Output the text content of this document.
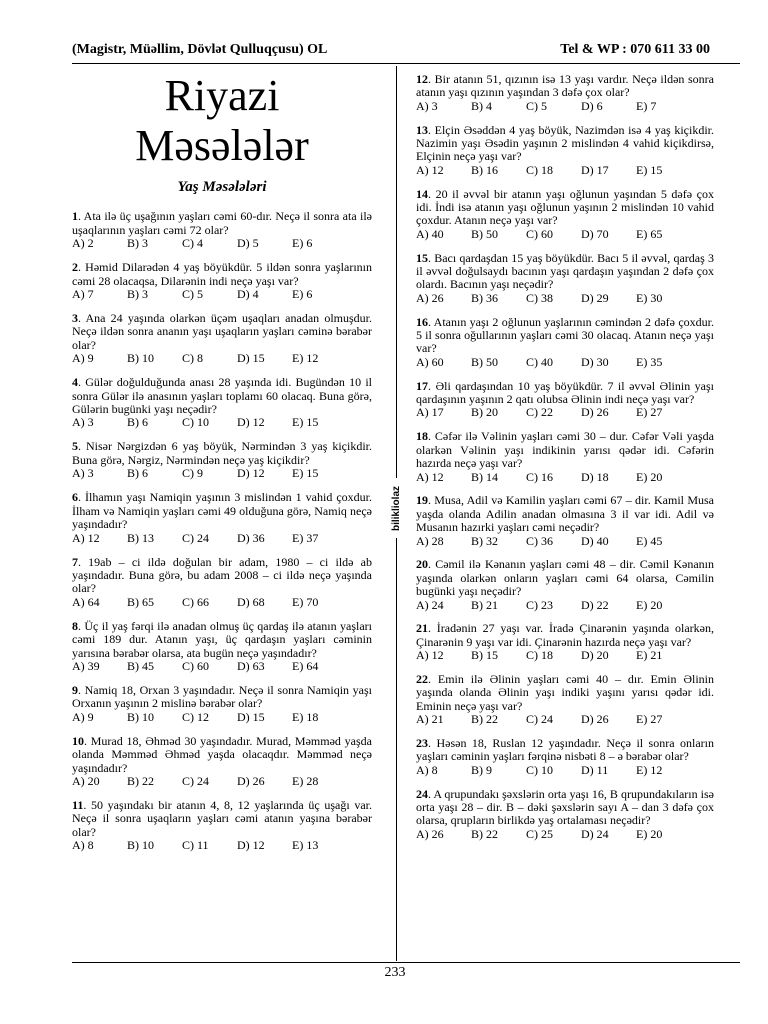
(Magistr, Müəllim, Dövlət Qulluqçusu) OL	Tel & WP : 070 611 33 00
bilikliolaz
Riyazi
Məsələlər
Yaş Məsələləri
1. Ata ilə üç uşağının yaşları cəmi 60-dır. Neçə il sonra ata ilə uşaqlarının yaşları cəmi 72 olar?
A) 2	B) 3	C) 4	D) 5	E) 6
2. Həmid Dilarədən 4 yaş böyükdür. 5 ildən sonra yaşlarının cəmi 28 olacaqsa, Dilarənin indi neçə yaşı var?
A) 7	B) 3	C) 5	D) 4	E) 6
3. Ana 24 yaşında olarkən üçəm uşaqları anadan olmuşdur. Neçə ildən sonra ananın yaşı uşaqların yaşları cəminə bərabər olar?
A) 9	B) 10	C) 8	D) 15	E) 12
4. Gülər doğulduğunda anası 28 yaşında idi. Bugündən 10 il sonra Gülər ilə anasının yaşları toplamı 60 olacaq. Buna görə, Gülərin bugünki yaşı neçədir?
A) 3	B) 6	C) 10	D) 12	E) 15
5. Nisər Nərgizdən 6 yaş böyük, Nərmindən 3 yaş kiçikdir. Buna görə, Nərgiz, Nərmindən neçə yaş kiçikdir?
A) 3	B) 6	C) 9	D) 12	E) 15
6. İlhamın yaşı Namiqin yaşının 3 mislindən 1 vahid çoxdur. İlham və Namiqin yaşları cəmi 49 olduğuna görə, Namiq neçə yaşındadır?
A) 12	B) 13	C) 24	D) 36	E) 37
7. 19ab – ci ildə doğulan bir adam, 1980 – ci ildə ab yaşındadır. Buna görə, bu adam 2008 – ci ildə neçə yaşında olar?
A) 64	B) 65	C) 66	D) 68	E) 70
8. Üç il yaş fərqi ilə anadan olmuş üç qardaş ilə atanın yaşları cəmi 189 dur. Atanın yaşı, üç qardaşın yaşları cəminin yarısına bərabər olarsa, ata bugün neçə yaşındadır?
A) 39	B) 45	C) 60	D) 63	E) 64
9. Namiq 18, Orxan 3 yaşındadır. Neçə il sonra Namiqin yaşı Orxanın yaşının 2 mislinə bərabər olar?
A) 9	B) 10	C) 12	D) 15	E) 18
10. Murad 18, Əhməd 30 yaşındadır. Murad, Məmməd yaşda olanda Məmməd Əhməd yaşda olacaqdır. Məmməd neçə yaşındadır?
A) 20	B) 22	C) 24	D) 26	E) 28
11. 50 yaşındakı bir atanın 4, 8, 12 yaşlarında üç uşağı var. Neçə il sonra uşaqların yaşları cəmi atanın yaşına bərabər olar?
A) 8	B) 10	C) 11	D) 12	E) 13
12. Bir atanın 51, qızının isə 13 yaşı vardır. Neçə ildən sonra atanın yaşı qızının yaşından 3 dəfə çox olar?
A) 3	B) 4	C) 5	D) 6	E) 7
13. Elçin Əsəddən 4 yaş böyük, Nazimdən isə 4 yaş kiçikdir. Nazimin yaşı Əsədin yaşının 2 mislindən 4 vahid kiçikdirsə, Elçinin neçə yaşı var?
A) 12	B) 16	C) 18	D) 17	E) 15
14. 20 il əvvəl bir atanın yaşı oğlunun yaşından 5 dəfə çox idi. İndi isə atanın yaşı oğlunun yaşının 2 mislindən 10 vahid çoxdur. Atanın neçə yaşı var?
A) 40	B) 50	C) 60	D) 70	E) 65
15. Bacı qardaşdan 15 yaş böyükdür. Bacı 5 il əvvəl, qardaş 3 il əvvəl doğulsaydı bacının yaşı qardaşın yaşından 2 dəfə çox olardı. Bacının yaşı neçədir?
A) 26	B) 36	C) 38	D) 29	E) 30
16. Atanın yaşı 2 oğlunun yaşlarının cəmindən 2 dəfə çoxdur. 5 il sonra oğullarının yaşları cəmi 30 olacaq. Atanın neçə yaşı var?
A) 60	B) 50	C) 40	D) 30	E) 35
17. Əli qardaşından 10 yaş böyükdür. 7 il əvvəl Əlinin yaşı qardaşının yaşının 2 qatı olubsa Əlinin indi neçə yaşı var?
A) 17	B) 20	C) 22	D) 26	E) 27
18. Cəfər ilə Vəlinin yaşları cəmi 30 – dur. Cəfər Vəli yaşda olarkən Vəlinin yaşı indikinin yarısı qədər idi. Cəfərin hazırda neçə yaşı var?
A) 12	B) 14	C) 16	D) 18	E) 20
19. Musa, Adil və Kamilin yaşları cəmi 67 – dir. Kamil Musa yaşda olanda Adilin anadan olmasına 3 il var idi. Adil və Musanın hazırki yaşları cəmi neçədir?
A) 28	B) 32	C) 36	D) 40	E) 45
20. Cəmil ilə Kənanın yaşları cəmi 48 – dir. Cəmil Kənanın yaşında olarkən onların yaşları cəmi 64 olarsa, Cəmilin bugünki yaşı neçədir?
A) 24	B) 21	C) 23	D) 22	E) 20
21. İradənin 27 yaşı var. İradə Çinarənin yaşında olarkən, Çinarənin 9 yaşı var idi. Çinarənin hazırda neçə yaşı var?
A) 12	B) 15	C) 18	D) 20	E) 21
22. Emin ilə Əlinin yaşları cəmi 40 – dır. Emin Əlinin yaşında olanda Əlinin yaşı indiki yaşını yarısı qədər idi. Eminin neçə yaşı var?
A) 21	B) 22	C) 24	D) 26	E) 27
23. Həsən 18, Ruslan 12 yaşındadır. Neçə il sonra onların yaşları cəminin yaşları fərqinə nisbəti 8 – ə bərabər olar?
A) 8	B) 9	C) 10	D) 11	E) 12
24. A qrupundakı şəxslərin orta yaşı 16, B qrupundakıların isə orta yaşı 28 – dir. B – dəki şəxslərin sayı A – dan 3 dəfə çox olarsa, qrupların birlikdə yaş ortalaması neçədir?
A) 26	B) 22	C) 25	D) 24	E) 20
233
